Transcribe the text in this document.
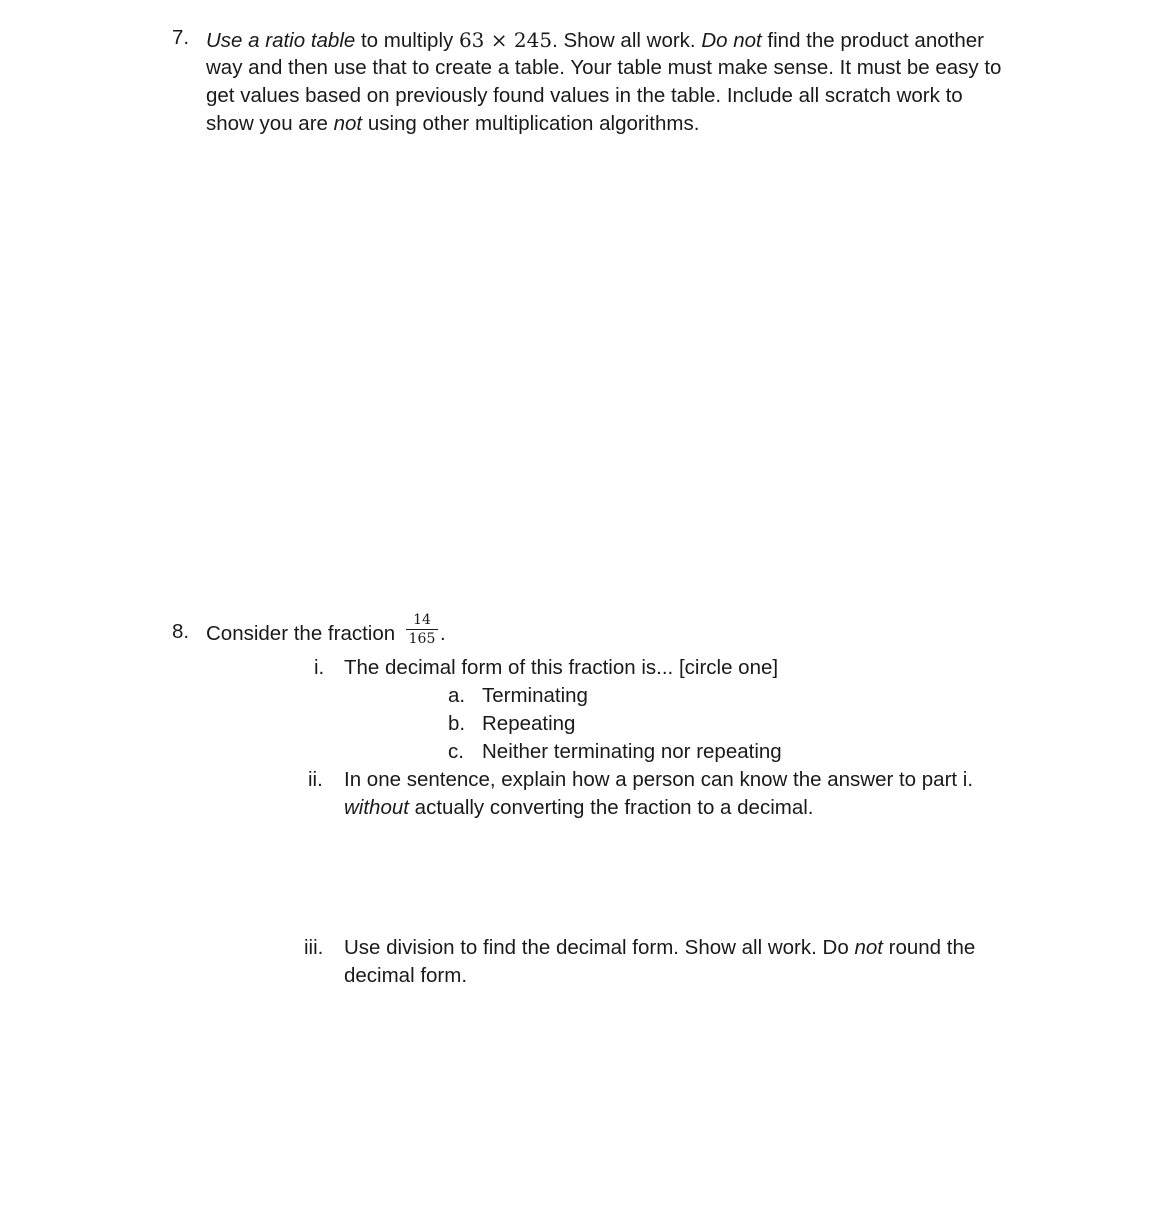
7. Use a ratio table to multiply 63 × 245. Show all work. Do not find the product another
way and then use that to create a table. Your table must make sense. It must be easy to
get values based on previously found values in the table. Include all scratch work to
show you are not using other multiplication algorithms.
8. Consider the fraction
14
165 .
i. The decimal form of this fraction is... [circle one]
a. Terminating
b. Repeating
c. Neither terminating nor repeating
ii. In one sentence, explain how a person can know the answer to part i.
without actually converting the fraction to a decimal.
iii. Use division to find the decimal form. Show all work. Do not round the
decimal form.
